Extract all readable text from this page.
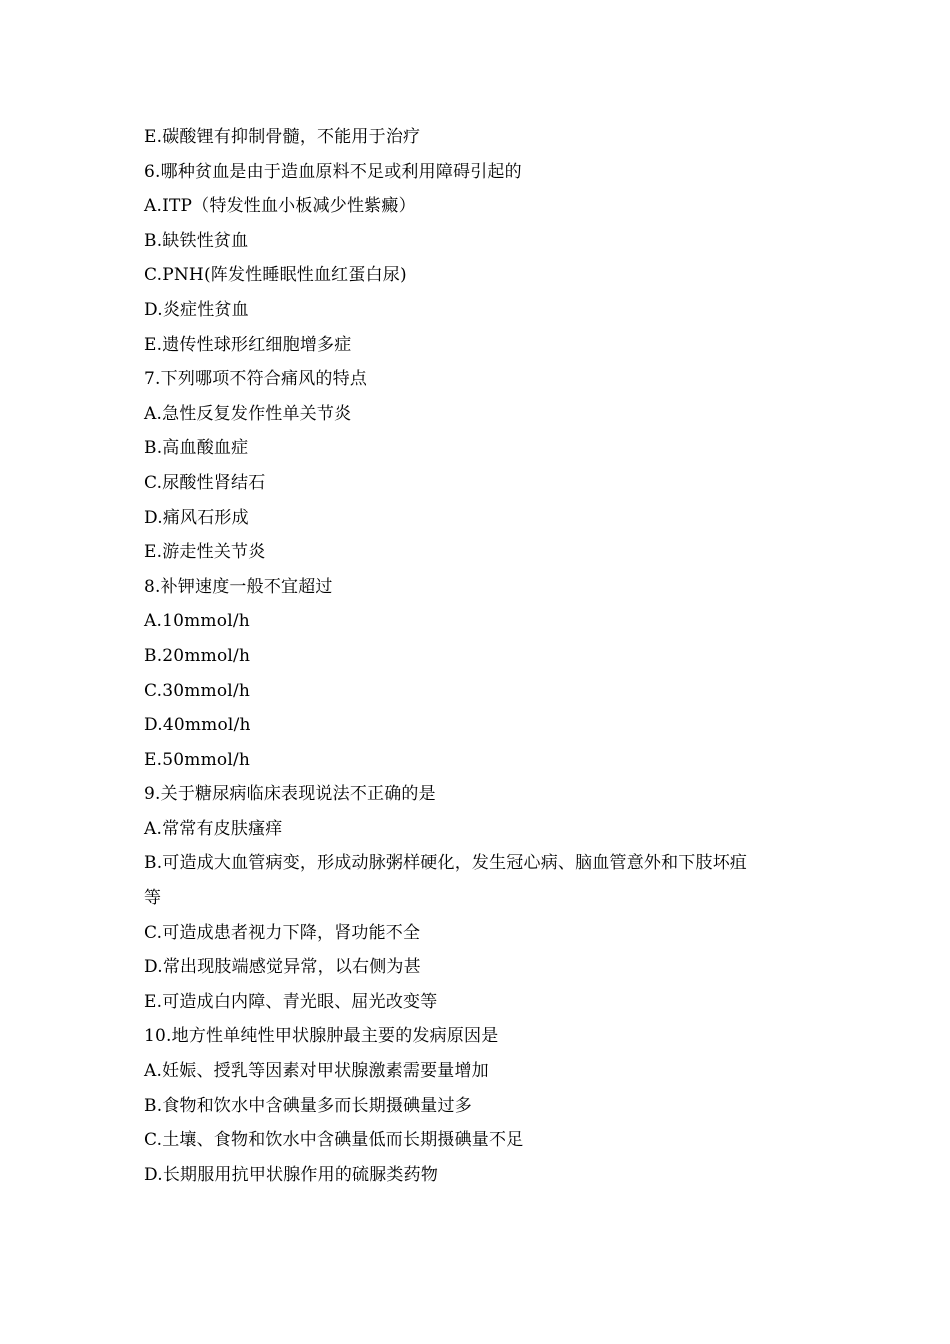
E.碳酸锂有抑制骨髓，不能用于治疗
6.哪种贫血是由于造血原料不足或利用障碍引起的
A.ITP（特发性血小板减少性紫癜）
B.缺铁性贫血
C.PNH(阵发性睡眠性血红蛋白尿)
D.炎症性贫血
E.遗传性球形红细胞增多症
7.下列哪项不符合痛风的特点
A.急性反复发作性单关节炎
B.高血酸血症
C.尿酸性肾结石
D.痛风石形成
E.游走性关节炎
8.补钾速度一般不宜超过
A.10mmol/h
B.20mmol/h
C.30mmol/h
D.40mmol/h
E.50mmol/h
9.关于糖尿病临床表现说法不正确的是
A.常常有皮肤瘙痒
B.可造成大血管病变，形成动脉粥样硬化，发生冠心病、脑血管意外和下肢坏疽
等
C.可造成患者视力下降，肾功能不全
D.常出现肢端感觉异常，以右侧为甚
E.可造成白内障、青光眼、屈光改变等
10.地方性单纯性甲状腺肿最主要的发病原因是
A.妊娠、授乳等因素对甲状腺激素需要量增加
B.食物和饮水中含碘量多而长期摄碘量过多
C.土壤、食物和饮水中含碘量低而长期摄碘量不足
D.长期服用抗甲状腺作用的硫脲类药物
